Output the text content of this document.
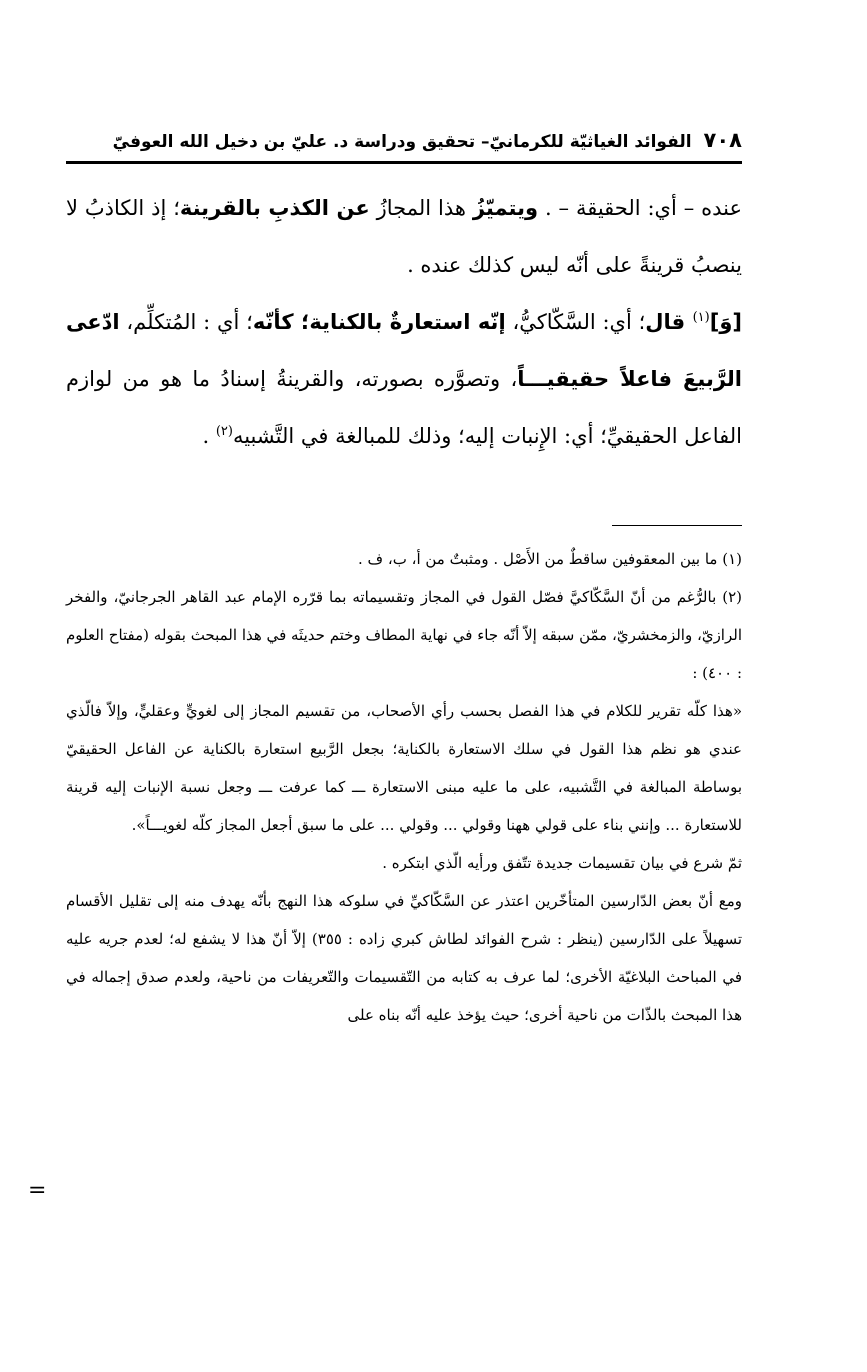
٧٠٨
الفوائد الغياثيّة للكرمانيّ– تحقيق ودراسة د. عليّ بن دخيل الله العوفيّ

عنده – أي: الحقيقة – . ويتميّزُ هذا المجازُ عن الكذبِ بالقرينة؛ إذ الكاذبُ لا ينصبُ قرينةً على أنّه ليس كذلك عنده .

[وَ]$^{(١)}$ قال؛ أي: السَّكّاكيُّ، إنّه استعارةٌ بالكناية؛ كأنّه؛ أي : المُتكلِّم، ادّعى الرَّبيعَ فاعلاً حقيقيـــاً، وتصوَّره بصورته، والقرينةُ إسنادُ ما هو من لوازم الفاعل الحقيقيِّ؛ أي: الإِنبات إليه؛ وذلك للمبالغة في التَّشبيه$^{(٢)}$ .

(١) ما بين المعقوفين ساقطٌ من الأَصْل . ومثبتٌ من أ، ب، ف .

(٢) بالرُّغم من أنّ السَّكّاكيَّ فصّل القول في المجاز وتقسيماته بما قرّره الإمام عبد القاهر الجرجانيّ، والفخر الرازيّ، والزمخشريّ، ممّن سبقه إلاّ أنّه جاء في نهاية المطاف وختم حديثَه في هذا المبحث بقوله (مفتاح العلوم : ٤٠٠) :

«هذا كلّه تقرير للكلام في هذا الفصل بحسب رأي الأصحاب، من تقسيم المجاز إلى لغويٍّ وعقليٍّ، وإلاّ فالّذي عندي هو نظم هذا القول في سلك الاستعارة بالكناية؛ بجعل الرَّبيع استعارة بالكناية عن الفاعل الحقيقيّ بوساطة المبالغة في التَّشبيه، على ما عليه مبنى الاستعارة ـــ كما عرفت ـــ وجعل نسبة الإنبات إليه قرينة للاستعارة ... وإنني بناء على قولي ههنا وقولي ... وقولي ... على ما سبق أجعل المجاز كلّه لغويـــاً».

ثمّ شرع في بيان تقسيمات جديدة تتّفق ورأيه الّذي ابتكره .

ومع أنّ بعض الدّارسين المتأخّرين اعتذر عن السَّكّاكيِّ في سلوكه هذا النهج بأنّه يهدف منه إلى تقليل الأقسام تسهيلاً على الدّارسين (ينظر : شرح الفوائد لطاش كبري زاده : ٣٥٥) إلاّ أنّ هذا لا يشفع له؛ لعدم جريه عليه في المباحث البلاغيّة الأخرى؛ لما عرف به كتابه من التّقسيمات والتّعريفات من ناحية، ولعدم صدق إجماله في هذا المبحث بالذّات من ناحية أخرى؛ حيث يؤخذ عليه أنّه بناه على

=
